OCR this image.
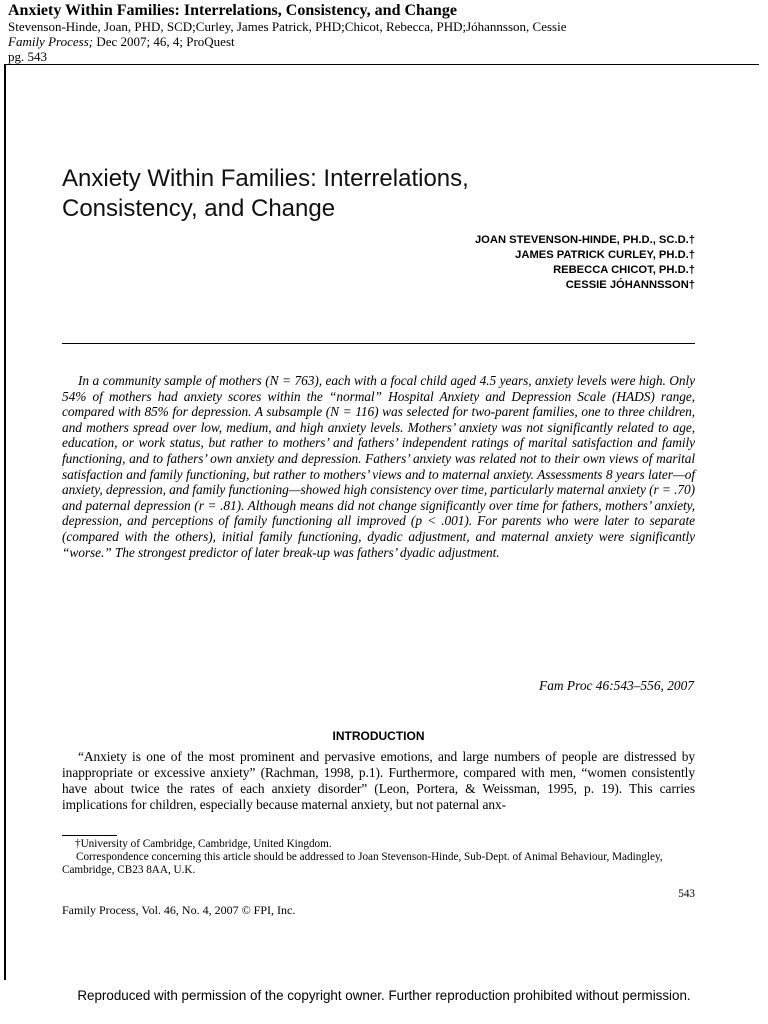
Anxiety Within Families: Interrelations, Consistency, and Change
Stevenson-Hinde, Joan, PHD, SCD;Curley, James Patrick, PHD;Chicot, Rebecca, PHD;Jóhannsson, Cessie
Family Process; Dec 2007; 46, 4; ProQuest
pg. 543
Anxiety Within Families: Interrelations,
Consistency, and Change
JOAN STEVENSON-HINDE, PH.D., SC.D.†
JAMES PATRICK CURLEY, PH.D.†
REBECCA CHICOT, PH.D.†
CESSIE JÓHANNSSON†

In a community sample of mothers (N = 763), each with a focal child aged 4.5 years, anxiety levels were high. Only 54% of mothers had anxiety scores within the “normal” Hospital Anxiety and Depression Scale (HADS) range, compared with 85% for depression. A subsample (N = 116) was selected for two-parent families, one to three children, and mothers spread over low, medium, and high anxiety levels. Mothers’ anxiety was not significantly related to age, education, or work status, but rather to mothers’ and fathers’ independent ratings of marital satisfaction and family functioning, and to fathers’ own anxiety and depression. Fathers’ anxiety was related not to their own views of marital satisfaction and family functioning, but rather to mothers’ views and to maternal anxiety. Assessments 8 years later—of anxiety, depression, and family functioning—showed high consistency over time, particularly maternal anxiety (r = .70) and paternal depression (r = .81). Although means did not change significantly over time for fathers, mothers’ anxiety, depression, and perceptions of family functioning all improved (p < .001). For parents who were later to separate (compared with the others), initial family functioning, dyadic adjustment, and maternal anxiety were significantly “worse.” The strongest predictor of later break-up was fathers’ dyadic adjustment.

Fam Proc 46:543–556, 2007
INTRODUCTION

“Anxiety is one of the most prominent and pervasive emotions, and large numbers of people are distressed by inappropriate or excessive anxiety” (Rachman, 1998, p.1). Furthermore, compared with men, “women consistently have about twice the rates of each anxiety disorder” (Leon, Portera, & Weissman, 1995, p. 19). This carries implications for children, especially because maternal anxiety, but not paternal anx-

†University of Cambridge, Cambridge, United Kingdom.

Correspondence concerning this article should be addressed to Joan Stevenson-Hinde, Sub-Dept. of Animal Behaviour, Madingley, Cambridge, CB23 8AA, U.K.

543
Family Process, Vol. 46, No. 4, 2007 © FPI, Inc.
Reproduced with permission of the copyright owner. Further reproduction prohibited without permission.
